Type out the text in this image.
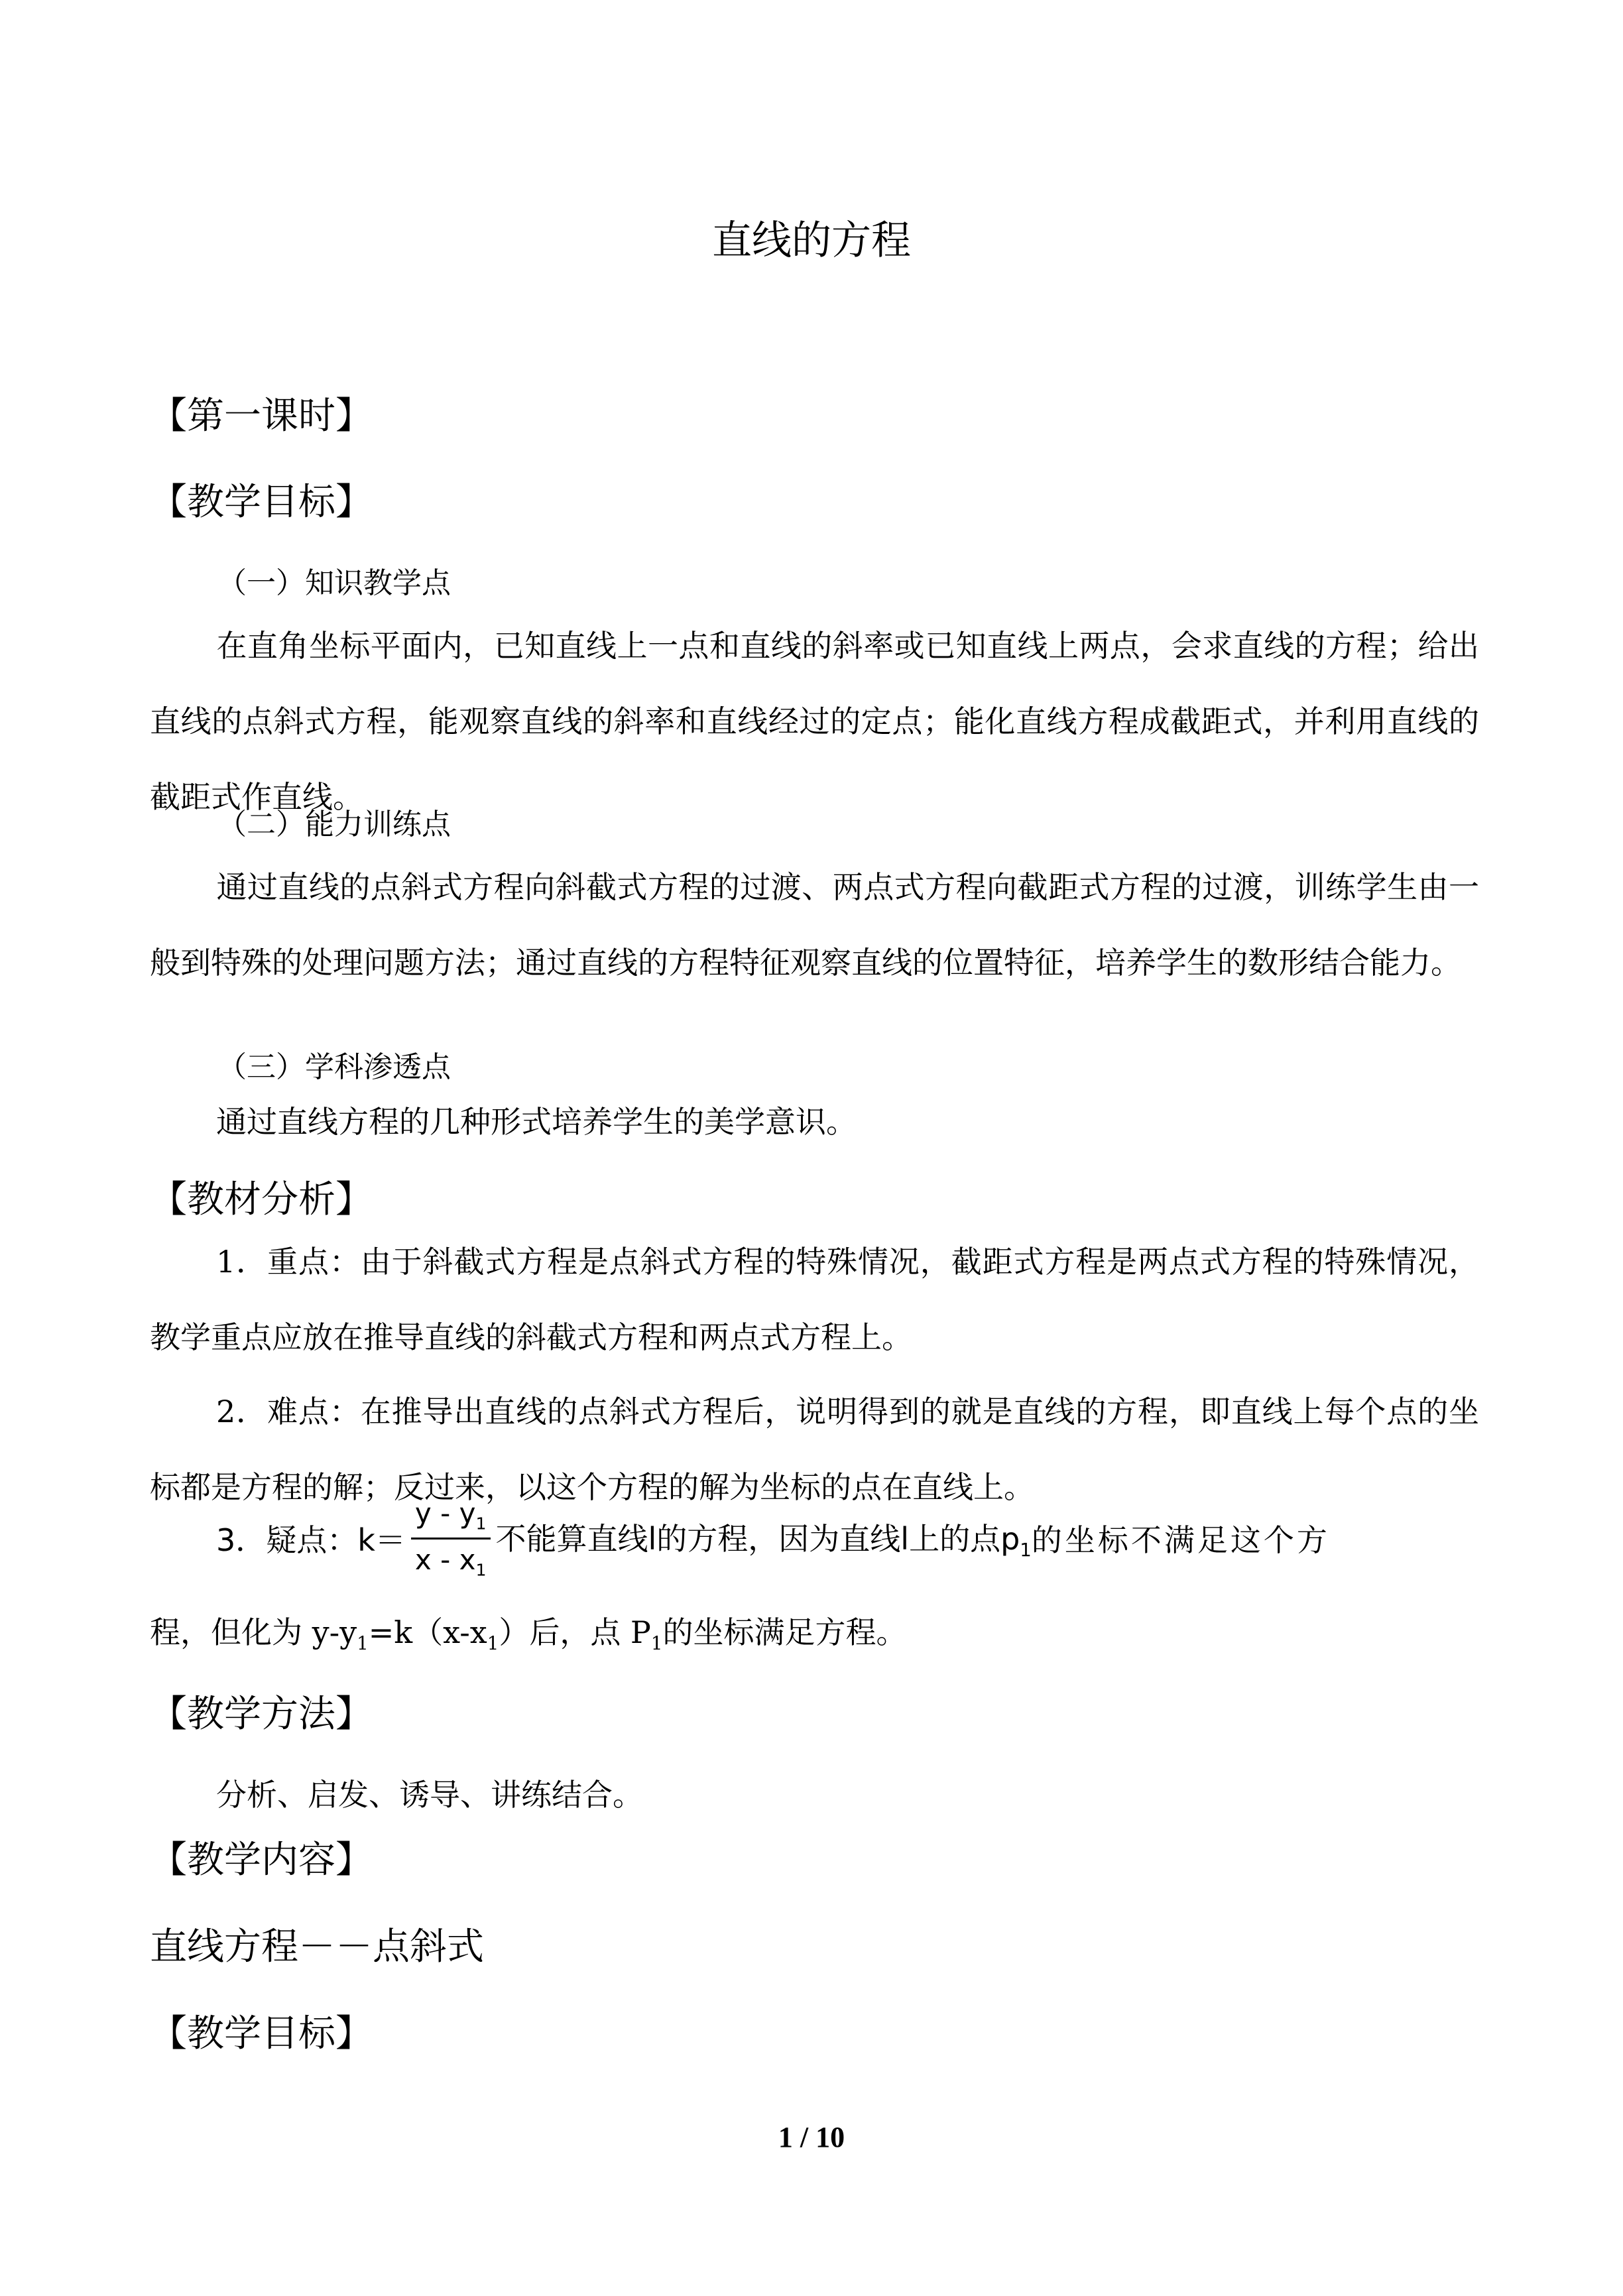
直线的方程
【第一课时】
【教学目标】
（一）知识教学点
在直角坐标平面内，已知直线上一点和直线的斜率或已知直线上两点，会求直线的方程；给出直线的点斜式方程，能观察直线的斜率和直线经过的定点；能化直线方程成截距式，并利用直线的截距式作直线。
（二）能力训练点
通过直线的点斜式方程向斜截式方程的过渡、两点式方程向截距式方程的过渡，训练学生由一般到特殊的处理问题方法；通过直线的方程特征观察直线的位置特征，培养学生的数形结合能力。
（三）学科渗透点
通过直线方程的几种形式培养学生的美学意识。
【教材分析】
1．重点：由于斜截式方程是点斜式方程的特殊情况，截距式方程是两点式方程的特殊情况，教学重点应放在推导直线的斜截式方程和两点式方程上。
2．难点：在推导出直线的点斜式方程后，说明得到的就是直线的方程，即直线上每个点的坐标都是方程的解；反过来，以这个方程的解为坐标的点在直线上。
3．疑点：$k= \frac{y - y_1}{x - x_1}$ 不能算直线l的方程，因为直线l上的点$p_1$ 的坐标不满足这个方
程，但化为 $y-y_1=k(x-x_1)$后，点 $P_1$的坐标满足方程。
【教学方法】
分析、启发、诱导、讲练结合。
【教学内容】
直线方程－－点斜式
【教学目标】
1 / 10
